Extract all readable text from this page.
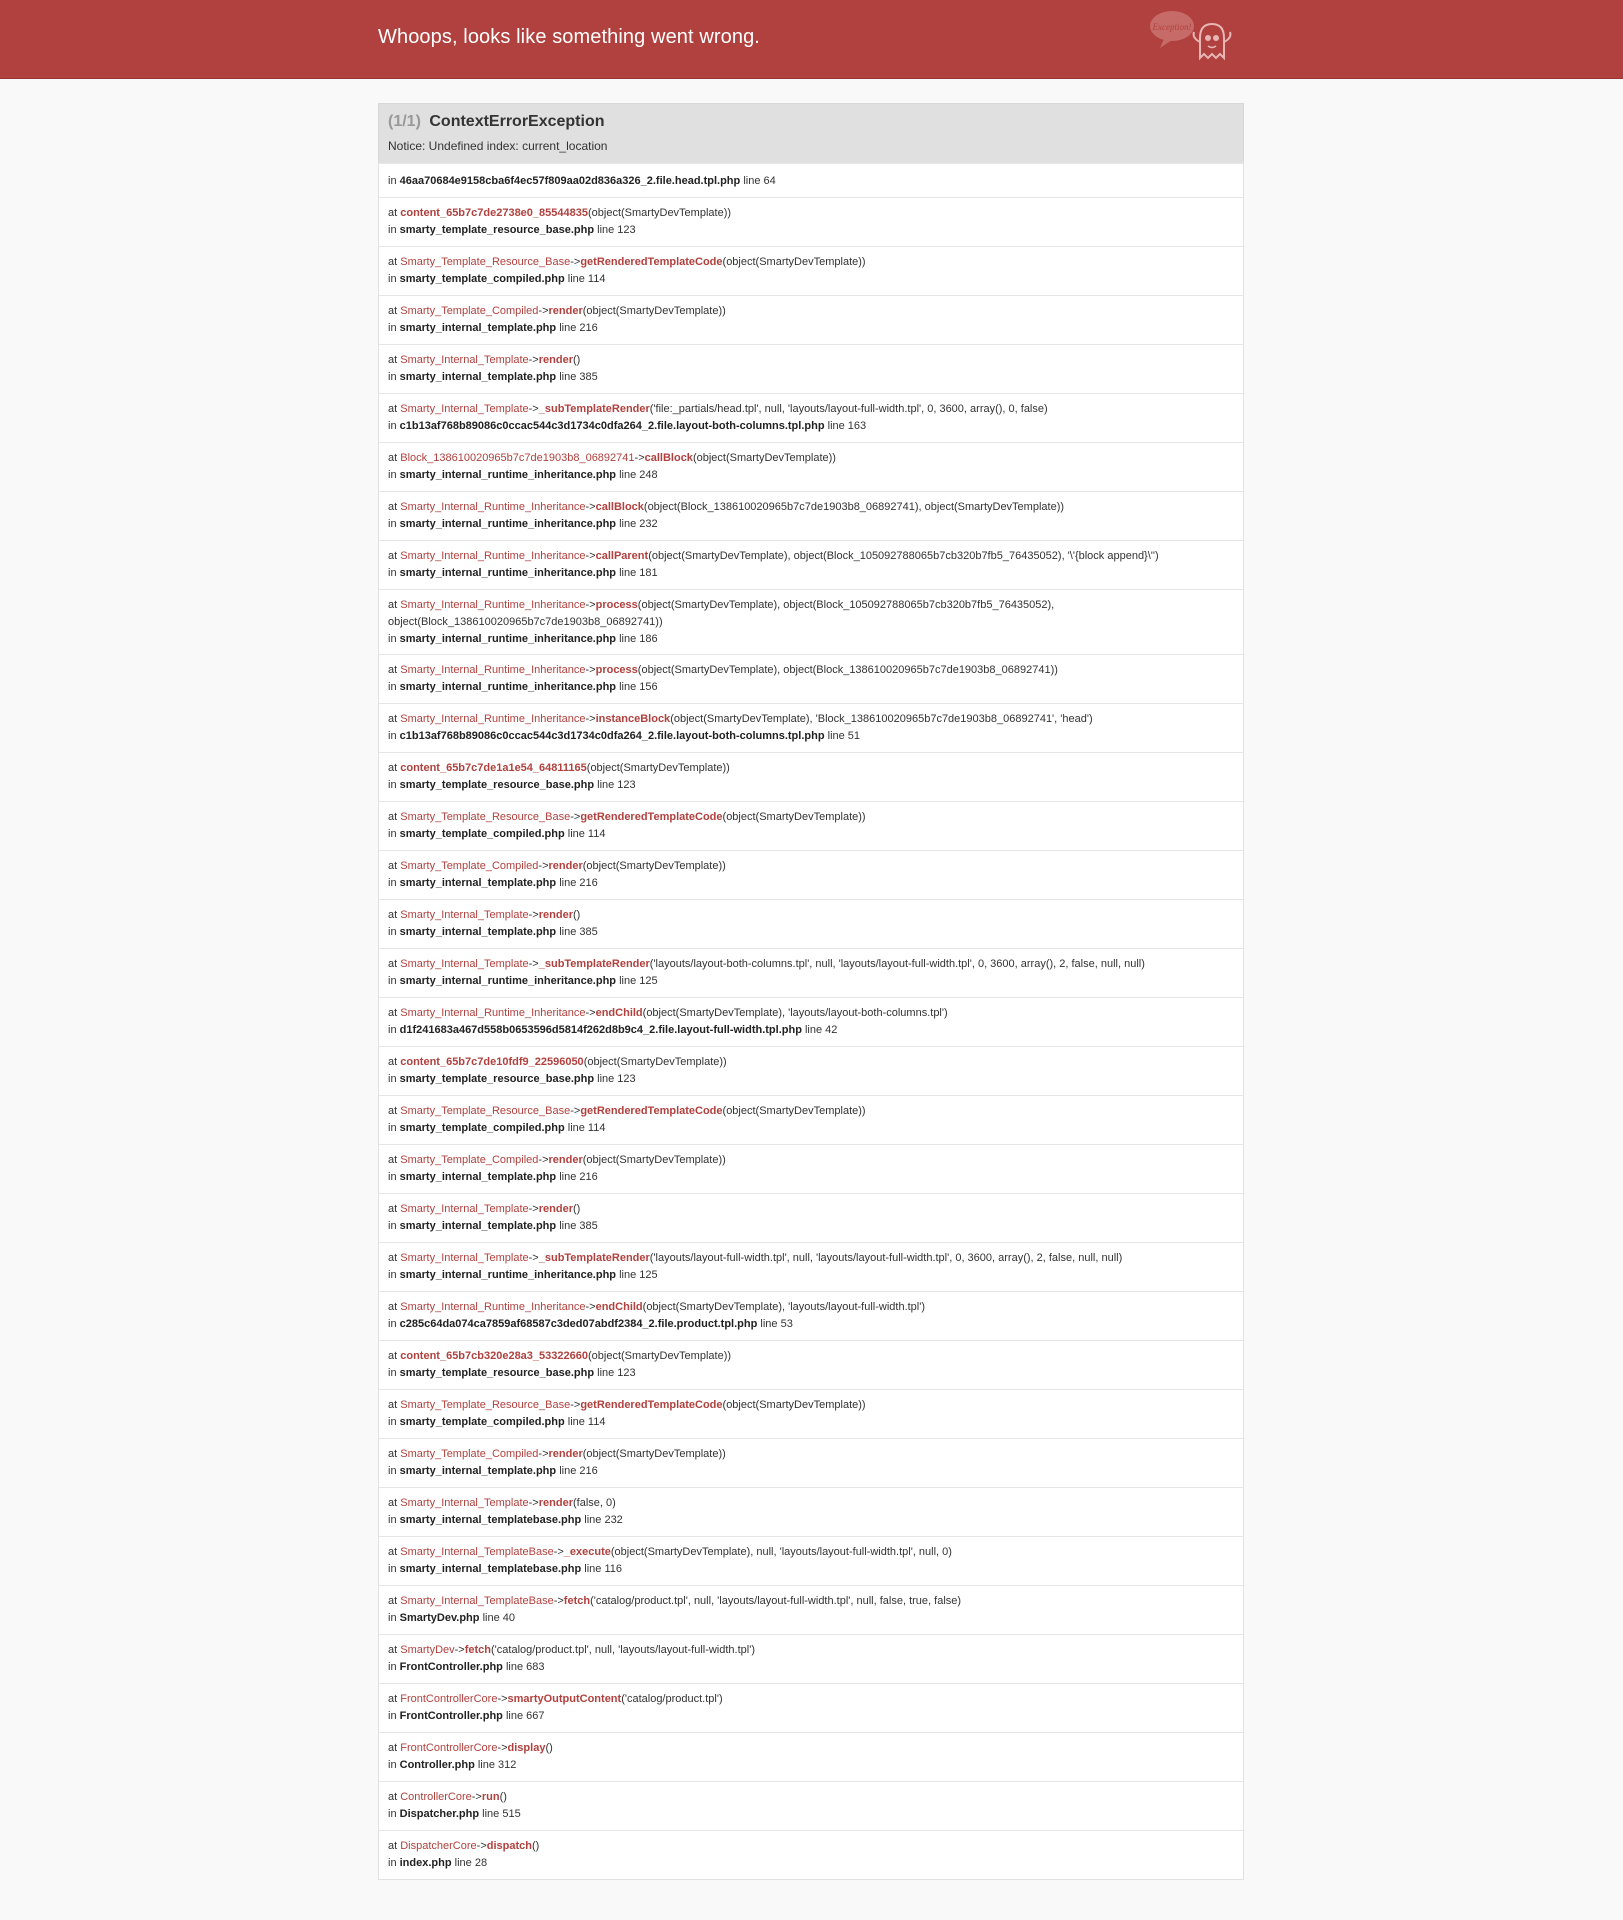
Whoops, looks like something went wrong.	Exception!
(1/1) ContextErrorException
Notice: Undefined index: current_location
in 46aa70684e9158cba6f4ec57f809aa02d836a326_2.file.head.tpl.php line 64
at content_65b7c7de2738e0_85544835(object(SmartyDevTemplate))
in smarty_template_resource_base.php line 123
at Smarty_Template_Resource_Base->getRenderedTemplateCode(object(SmartyDevTemplate))
in smarty_template_compiled.php line 114
at Smarty_Template_Compiled->render(object(SmartyDevTemplate))
in smarty_internal_template.php line 216
at Smarty_Internal_Template->render()
in smarty_internal_template.php line 385
at Smarty_Internal_Template->_subTemplateRender('file:_partials/head.tpl', null, 'layouts/layout-full-width.tpl', 0, 3600, array(), 0, false)
in c1b13af768b89086c0ccac544c3d1734c0dfa264_2.file.layout-both-columns.tpl.php line 163
at Block_138610020965b7c7de1903b8_06892741->callBlock(object(SmartyDevTemplate))
in smarty_internal_runtime_inheritance.php line 248
at Smarty_Internal_Runtime_Inheritance->callBlock(object(Block_138610020965b7c7de1903b8_06892741), object(SmartyDevTemplate))
in smarty_internal_runtime_inheritance.php line 232
at Smarty_Internal_Runtime_Inheritance->callParent(object(SmartyDevTemplate), object(Block_105092788065b7cb320b7fb5_76435052), '\'{block append}\'')
in smarty_internal_runtime_inheritance.php line 181
at Smarty_Internal_Runtime_Inheritance->process(object(SmartyDevTemplate), object(Block_105092788065b7cb320b7fb5_76435052), object(Block_138610020965b7c7de1903b8_06892741))
in smarty_internal_runtime_inheritance.php line 186
at Smarty_Internal_Runtime_Inheritance->process(object(SmartyDevTemplate), object(Block_138610020965b7c7de1903b8_06892741))
in smarty_internal_runtime_inheritance.php line 156
at Smarty_Internal_Runtime_Inheritance->instanceBlock(object(SmartyDevTemplate), 'Block_138610020965b7c7de1903b8_06892741', 'head')
in c1b13af768b89086c0ccac544c3d1734c0dfa264_2.file.layout-both-columns.tpl.php line 51
at content_65b7c7de1a1e54_64811165(object(SmartyDevTemplate))
in smarty_template_resource_base.php line 123
at Smarty_Template_Resource_Base->getRenderedTemplateCode(object(SmartyDevTemplate))
in smarty_template_compiled.php line 114
at Smarty_Template_Compiled->render(object(SmartyDevTemplate))
in smarty_internal_template.php line 216
at Smarty_Internal_Template->render()
in smarty_internal_template.php line 385
at Smarty_Internal_Template->_subTemplateRender('layouts/layout-both-columns.tpl', null, 'layouts/layout-full-width.tpl', 0, 3600, array(), 2, false, null, null)
in smarty_internal_runtime_inheritance.php line 125
at Smarty_Internal_Runtime_Inheritance->endChild(object(SmartyDevTemplate), 'layouts/layout-both-columns.tpl')
in d1f241683a467d558b0653596d5814f262d8b9c4_2.file.layout-full-width.tpl.php line 42
at content_65b7c7de10fdf9_22596050(object(SmartyDevTemplate))
in smarty_template_resource_base.php line 123
at Smarty_Template_Resource_Base->getRenderedTemplateCode(object(SmartyDevTemplate))
in smarty_template_compiled.php line 114
at Smarty_Template_Compiled->render(object(SmartyDevTemplate))
in smarty_internal_template.php line 216
at Smarty_Internal_Template->render()
in smarty_internal_template.php line 385
at Smarty_Internal_Template->_subTemplateRender('layouts/layout-full-width.tpl', null, 'layouts/layout-full-width.tpl', 0, 3600, array(), 2, false, null, null)
in smarty_internal_runtime_inheritance.php line 125
at Smarty_Internal_Runtime_Inheritance->endChild(object(SmartyDevTemplate), 'layouts/layout-full-width.tpl')
in c285c64da074ca7859af68587c3ded07abdf2384_2.file.product.tpl.php line 53
at content_65b7cb320e28a3_53322660(object(SmartyDevTemplate))
in smarty_template_resource_base.php line 123
at Smarty_Template_Resource_Base->getRenderedTemplateCode(object(SmartyDevTemplate))
in smarty_template_compiled.php line 114
at Smarty_Template_Compiled->render(object(SmartyDevTemplate))
in smarty_internal_template.php line 216
at Smarty_Internal_Template->render(false, 0)
in smarty_internal_templatebase.php line 232
at Smarty_Internal_TemplateBase->_execute(object(SmartyDevTemplate), null, 'layouts/layout-full-width.tpl', null, 0)
in smarty_internal_templatebase.php line 116
at Smarty_Internal_TemplateBase->fetch('catalog/product.tpl', null, 'layouts/layout-full-width.tpl', null, false, true, false)
in SmartyDev.php line 40
at SmartyDev->fetch('catalog/product.tpl', null, 'layouts/layout-full-width.tpl')
in FrontController.php line 683
at FrontControllerCore->smartyOutputContent('catalog/product.tpl')
in FrontController.php line 667
at FrontControllerCore->display()
in Controller.php line 312
at ControllerCore->run()
in Dispatcher.php line 515
at DispatcherCore->dispatch()
in index.php line 28
